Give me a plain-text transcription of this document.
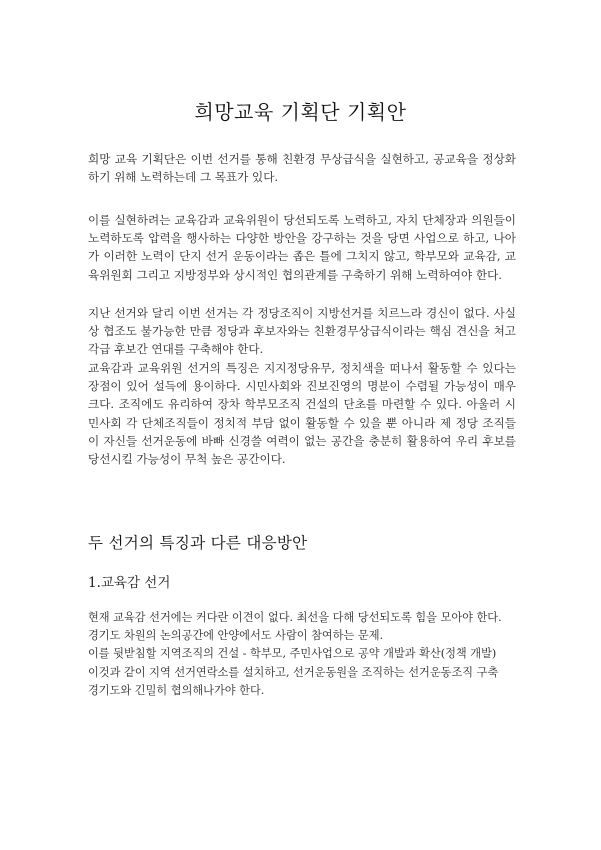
희망교육 기획단 기획안

희망 교육 기획단은 이번 선거를 통해 친환경 무상급식을 실현하고, 공교육을 정상화하기 위해 노력하는데 그 목표가 있다.

이를 실현하려는 교육감과 교육위원이 당선되도록 노력하고, 자치 단체장과 의원들이 노력하도록 압력을 행사하는 다양한 방안을 강구하는 것을 당면 사업으로 하고, 나아가 이러한 노력이 단지 선거 운동이라는 좁은 틀에 그치지 않고, 학부모와 교육감, 교육위원회 그리고 지방정부와 상시적인 협의관계를 구축하기 위해 노력하여야 한다.

지난 선거와 달리 이번 선거는 각 정당조직이 지방선거를 치르느라 경신이 없다. 사실상 협조도 불가능한 만큼 정당과 후보자와는 친환경무상급식이라는 핵심 견신을 쳐고 각급 후보간 연대를 구축해야 한다.

교육감과 교육위원 선거의 특징은 지지정당유무, 정치색을 떠나서 활동할 수 있다는 장점이 있어 설득에 용이하다. 시민사회와 진보진영의 명분이 수렴될 가능성이 매우 크다. 조직에도 유리하여 장차 학부모조직 건설의 단초를 마련할 수 있다. 아울러 시민사회 각 단체조직들이 정치적 부담 없이 활동할 수 있을 뿐 아니라 제 정당 조직들이 자신들 선거운동에 바빠 신경쓸 여력이 없는 공간을 충분히 활용하여 우리 후보를 당선시킬 가능성이 무척 높은 공간이다.

두 선거의 특징과 다른 대응방안
1.교육감 선거
현재 교육감 선거에는 커다란 이견이 없다. 최선을 다해 당선되도록 힘을 모아야 한다.
경기도 차원의 논의공간에 안양에서도 사람이 참여하는 문제.
이를 뒷받침할 지역조직의 건설 - 학부모, 주민사업으로 공약 개발과 확산(정책 개발)
이것과 같이 지역 선거연락소를 설치하고, 선거운동원을 조직하는 선거운동조직 구축
경기도와 긴밀히 협의해나가야 한다.
